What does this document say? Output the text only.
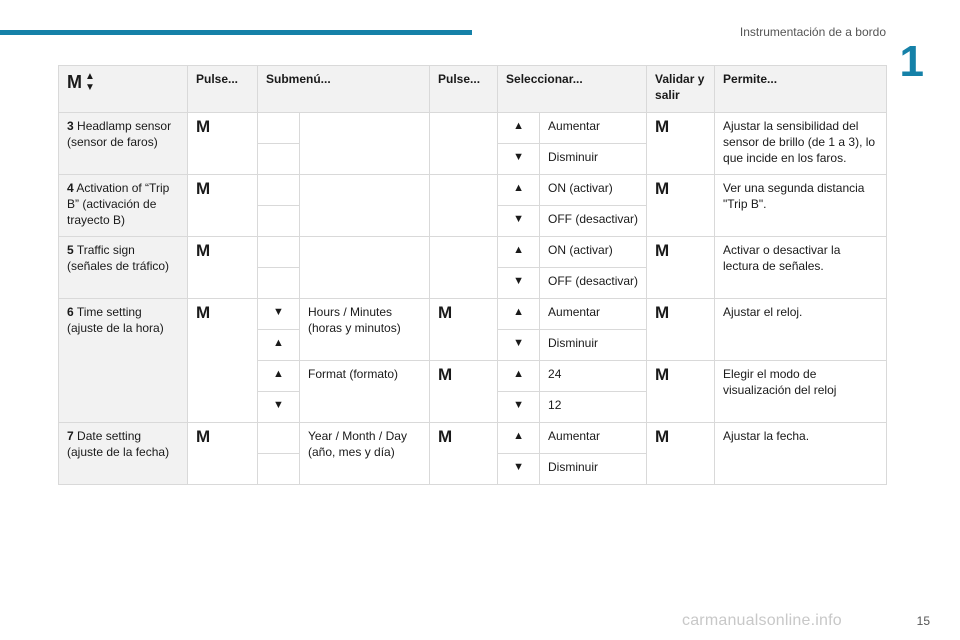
Instrumentación de a bordo
1
M ▲
▼	Pulse...	Submenú...		Pulse...	Seleccionar...		Validar y salir	Permite...
3 Headlamp sensor (sensor de faros)	M				▲	Aumentar	M	Ajustar la sensibilidad del sensor de brillo (de 1 a 3), lo que incide en los faros.

					▼	Disminuir		
4 Activation of “Trip B” (activación de trayecto B)	M				▲	ON (activar)	M	Ver una segunda distancia "Trip B".

					▼	OFF (desactivar)		
5 Traffic sign (señales de tráfico)	M				▲	ON (activar)	M	Activar o desactivar la lectura de señales.

					▼	OFF (desactivar)		
6 Time setting (ajuste de la hora)	M	▼	Hours / Minutes (horas y minutos)	M	▲	Aumentar	M	Ajustar el reloj.

		▲			▼	Disminuir		

		▲	Format (formato)	M	▲	24	M	Elegir el modo de visualización del reloj

		▼			▼	12		
7 Date setting (ajuste de la fecha)	M		Year / Month / Day (año, mes y día)	M	▲	Aumentar	M	Ajustar la fecha.

					▼	Disminuir		
carmanualsonline.info	15
